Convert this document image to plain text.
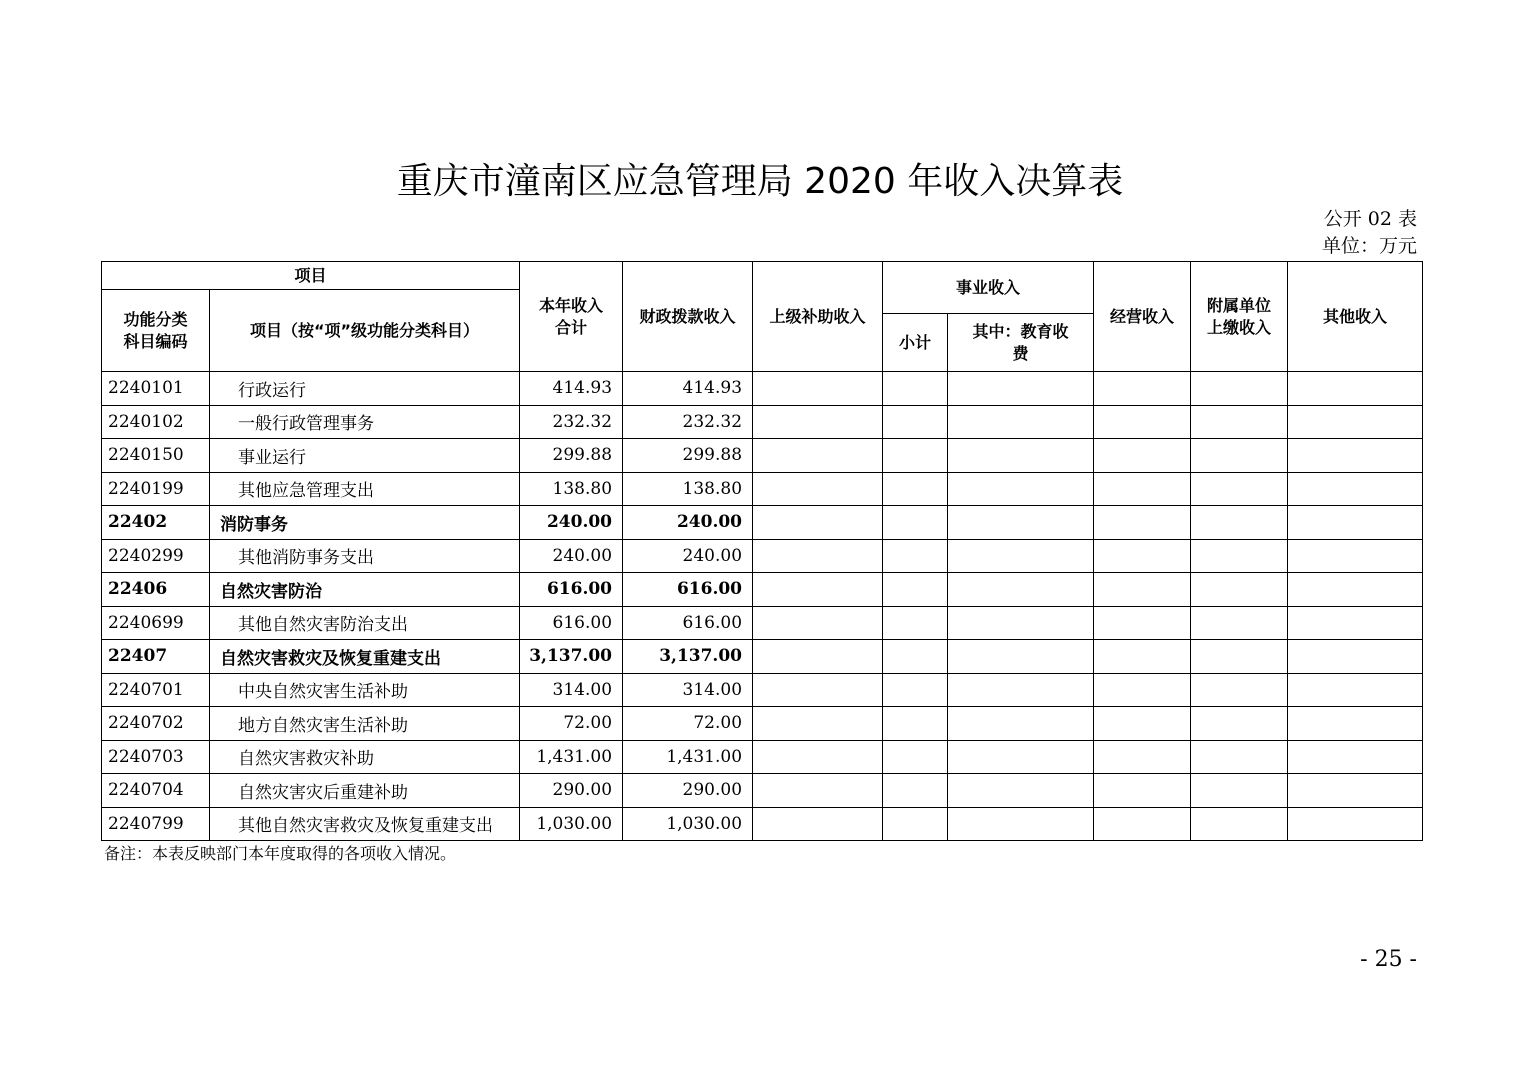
重庆市潼南区应急管理局 2020 年收入决算表
公开 02 表
单位：万元
项目		本年收入合计	财政拨款收入	上级补助收入	事业收入		经营收入	附属单位上缴收入	其他收入

功能分类科目编码	项目（按“项”级功能分类科目）								
					小计	其中：教育收费			

2240101	行政运行	414.93	414.93						
2240102	一般行政管理事务	232.32	232.32						
2240150	事业运行	299.88	299.88						
2240199	其他应急管理支出	138.80	138.80						
22402	消防事务	240.00	240.00						
2240299	其他消防事务支出	240.00	240.00						
22406	自然灾害防治	616.00	616.00						
2240699	其他自然灾害防治支出	616.00	616.00						
22407	自然灾害救灾及恢复重建支出	3,137.00	3,137.00						
2240701	中央自然灾害生活补助	314.00	314.00						
2240702	地方自然灾害生活补助	72.00	72.00						
2240703	自然灾害救灾补助	1,431.00	1,431.00						
2240704	自然灾害灾后重建补助	290.00	290.00						
2240799	其他自然灾害救灾及恢复重建支出	1,030.00	1,030.00						
备注：本表反映部门本年度取得的各项收入情况。
- 25 -
